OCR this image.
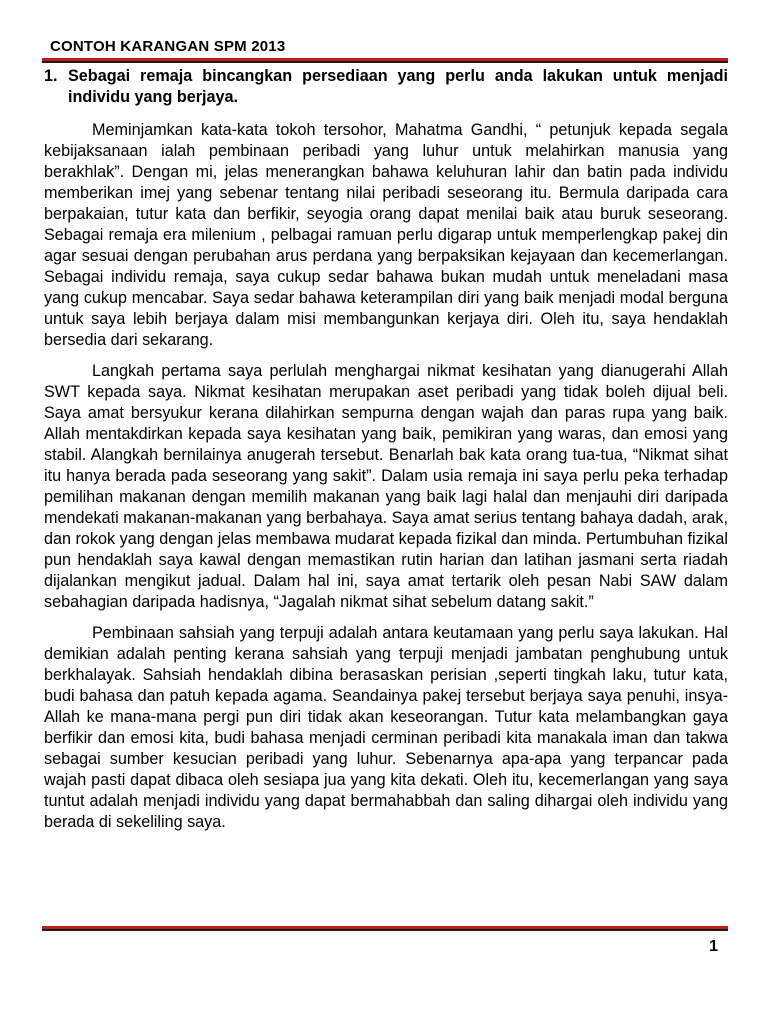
CONTOH KARANGAN SPM 2013
1. Sebagai remaja bincangkan persediaan yang perlu anda lakukan untuk menjadi individu yang berjaya.

Meminjamkan kata-kata tokoh tersohor, Mahatma Gandhi, “ petunjuk kepada segala kebijaksanaan ialah pembinaan peribadi yang luhur untuk melahirkan manusia yang berakhlak”. Dengan mi, jelas menerangkan bahawa keluhuran lahir dan batin pada individu memberikan imej yang sebenar tentang nilai peribadi seseorang itu. Bermula daripada cara berpakaian, tutur kata dan berfikir, seyogia orang dapat menilai baik atau buruk seseorang. Sebagai remaja era milenium , pelbagai ramuan perlu digarap untuk memperlengkap pakej din agar sesuai dengan perubahan arus perdana yang berpaksikan kejayaan dan kecemerlangan. Sebagai individu remaja, saya cukup sedar bahawa bukan mudah untuk meneladani masa yang cukup mencabar. Saya sedar bahawa keterampilan diri yang baik menjadi modal berguna untuk saya lebih berjaya dalam misi membangunkan kerjaya diri. Oleh itu, saya hendaklah bersedia dari sekarang.

Langkah pertama saya perlulah menghargai nikmat kesihatan yang dianugerahi Allah SWT kepada saya. Nikmat kesihatan merupakan aset peribadi yang tidak boleh dijual beli. Saya amat bersyukur kerana dilahirkan sempurna dengan wajah dan paras rupa yang baik. Allah mentakdirkan kepada saya kesihatan yang baik, pemikiran yang waras, dan emosi yang stabil. Alangkah bernilainya anugerah tersebut. Benarlah bak kata orang tua-tua, “Nikmat sihat itu hanya berada pada seseorang yang sakit”. Dalam usia remaja ini saya perlu peka terhadap pemilihan makanan dengan memilih makanan yang baik lagi halal dan menjauhi diri daripada mendekati makanan-makanan yang berbahaya. Saya amat serius tentang bahaya dadah, arak, dan rokok yang dengan jelas membawa mudarat kepada fizikal dan minda. Pertumbuhan fizikal pun hendaklah saya kawal dengan memastikan rutin harian dan latihan jasmani serta riadah dijalankan mengikut jadual. Dalam hal ini, saya amat tertarik oleh pesan Nabi SAW dalam sebahagian daripada hadisnya, “Jagalah nikmat sihat sebelum datang sakit.”

Pembinaan sahsiah yang terpuji adalah antara keutamaan yang perlu saya lakukan. Hal demikian adalah penting kerana sahsiah yang terpuji menjadi jambatan penghubung untuk berkhalayak. Sahsiah hendaklah dibina berasaskan perisian ,seperti tingkah laku, tutur kata, budi bahasa dan patuh kepada agama. Seandainya pakej tersebut berjaya saya penuhi, insya-Allah ke mana-mana pergi pun diri tidak akan keseorangan. Tutur kata melambangkan gaya berfikir dan emosi kita, budi bahasa menjadi cerminan peribadi kita manakala iman dan takwa sebagai sumber kesucian peribadi yang luhur. Sebenarnya apa-apa yang terpancar pada wajah pasti dapat dibaca oleh sesiapa jua yang kita dekati. Oleh itu, kecemerlangan yang saya tuntut adalah menjadi individu yang dapat bermahabbah dan saling dihargai oleh individu yang berada di sekeliling saya.

1
